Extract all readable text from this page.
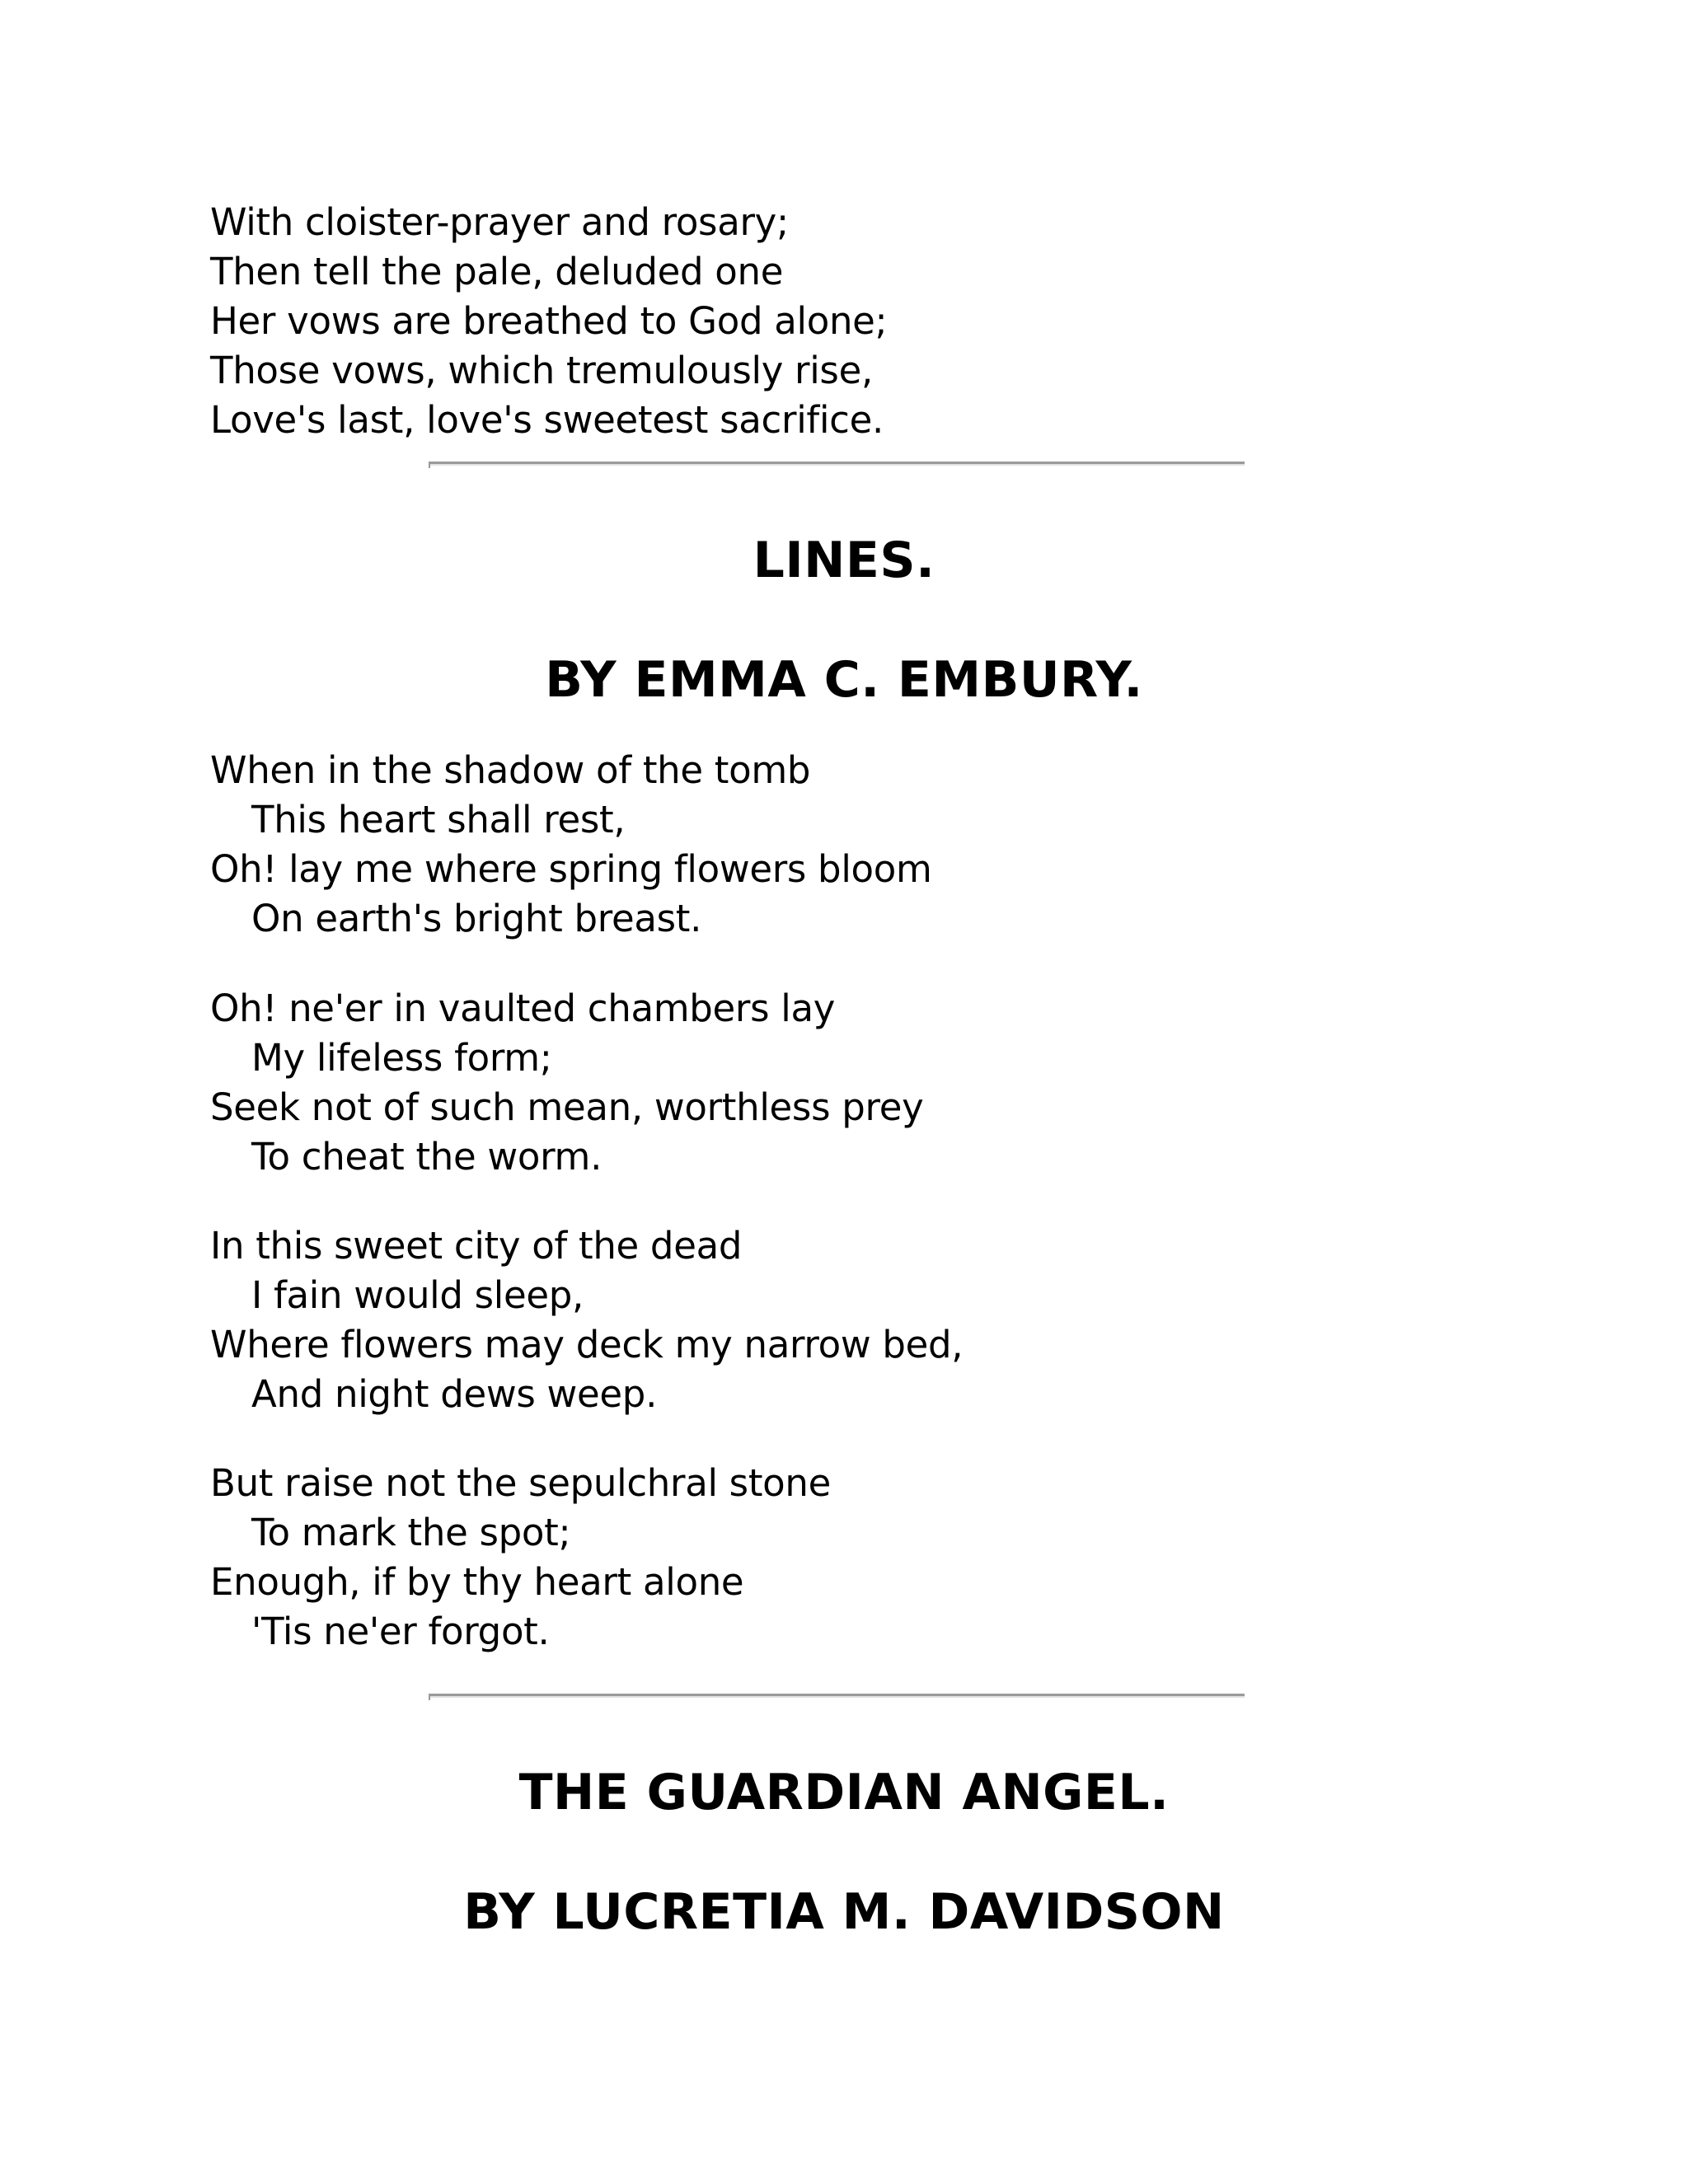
With cloister-prayer and rosary;
Then tell the pale, deluded one
Her vows are breathed to God alone;
Those vows, which tremulously rise,
Love's last, love's sweetest sacrifice.
LINES.
BY EMMA C. EMBURY.
When in the shadow of the tomb
This heart shall rest,
Oh! lay me where spring flowers bloom
On earth's bright breast.
Oh! ne'er in vaulted chambers lay
My lifeless form;
Seek not of such mean, worthless prey
To cheat the worm.
In this sweet city of the dead
I fain would sleep,
Where flowers may deck my narrow bed,
And night dews weep.
But raise not the sepulchral stone
To mark the spot;
Enough, if by thy heart alone
'Tis ne'er forgot.
THE GUARDIAN ANGEL.
BY LUCRETIA M. DAVIDSON
